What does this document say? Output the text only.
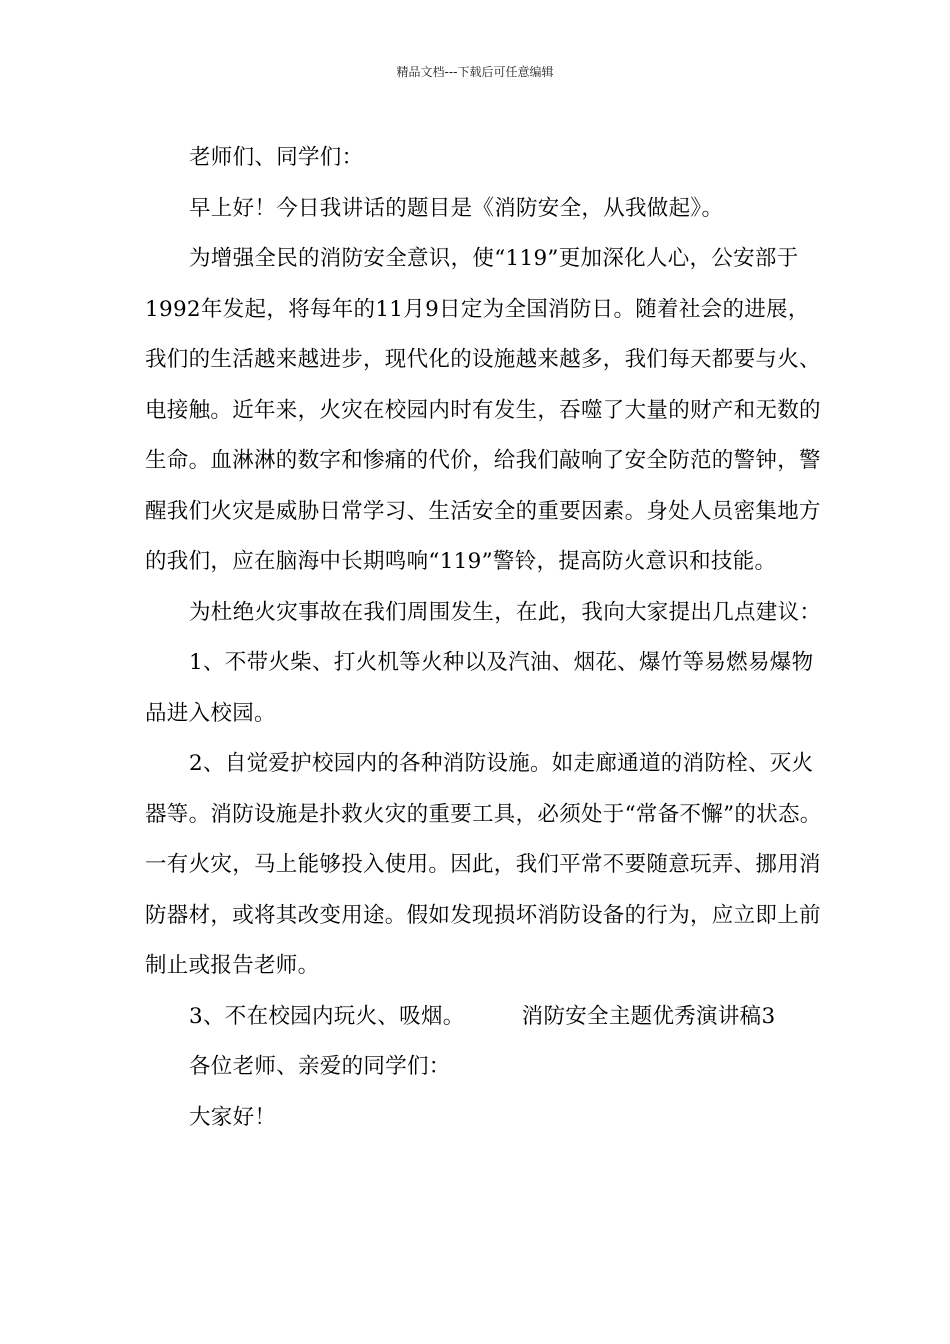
精品文档---下载后可任意编辑

老师们、同学们：

早上好！今日我讲话的题目是《消防安全，从我做起》。

为增强全民的消防安全意识，使“119”更加深化人心，公安部于1992年发起，将每年的11月9日定为全国消防日。随着社会的进展，我们的生活越来越进步，现代化的设施越来越多，我们每天都要与火、电接触。近年来，火灾在校园内时有发生，吞噬了大量的财产和无数的生命。血淋淋的数字和惨痛的代价，给我们敲响了安全防范的警钟，警醒我们火灾是威胁日常学习、生活安全的重要因素。身处人员密集地方的我们，应在脑海中长期鸣响“119”警铃，提高防火意识和技能。

为杜绝火灾事故在我们周围发生，在此，我向大家提出几点建议：

1、不带火柴、打火机等火种以及汽油、烟花、爆竹等易燃易爆物品进入校园。

2、自觉爱护校园内的各种消防设施。如走廊通道的消防栓、灭火器等。消防设施是扑救火灾的重要工具，必须处于“常备不懈”的状态。一有火灾，马上能够投入使用。因此，我们平常不要随意玩弄、挪用消防器材，或将其改变用途。假如发现损坏消防设备的行为，应立即上前制止或报告老师。

3、不在校园内玩火、吸烟。        消防安全主题优秀演讲稿3

各位老师、亲爱的同学们：

大家好！
